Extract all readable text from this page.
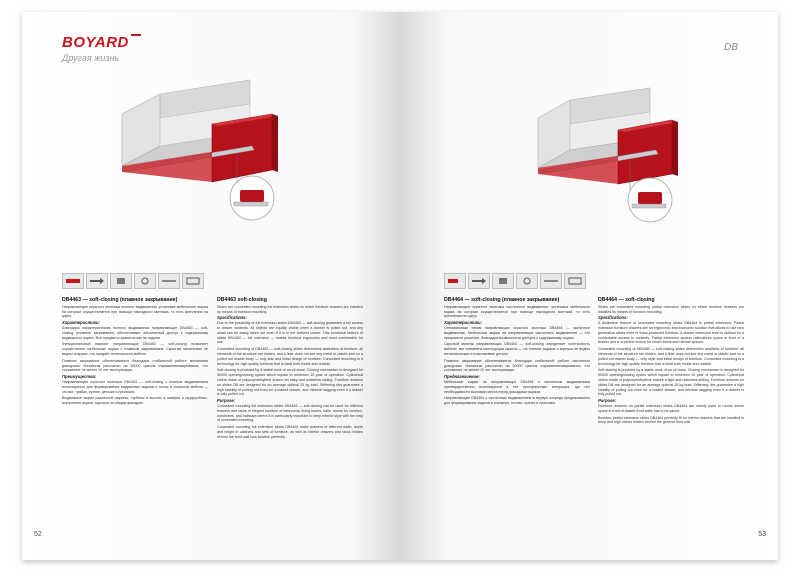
BOYARD
Другая жизнь
DB4463 — soft-closing (плавное закрывание)

Направляющие скрытого монтажа полного выдвижения, установка мебельного ящика на которые осуществляется при помощи накладного монтажа, то есть крепления на царгу.

Характеристики:

Благодаря характеристикам полного выдвижения направляющие DB4463 — soft-closing (плавное закрывание) обеспечивают абсолютный доступ к содержимому выдвижного ящика. Все предметы хранятся как на ладони.

Функциональный вариант направляющих DB4463 — soft-closing позволяет осуществлять мебельные ящики с плавным закрыванием. Скрытые механизмы не видны снаружи, что придаёт эстетичность мебели.

Плавное закрывание обеспечивается благодаря стабильной работе механизма доводчика. Механизм рассчитан на 50000 циклов открывания/закрывания, что составляет не менее 10 лет эксплуатации.

Преимущества:

Направляющие скрытого монтажа DB4463 — soft-closing с полным выдвижением используются для формирования выдвижных ящиков и полок в спальной мебели — столах, тумбах, кухнях, детских и прихожих.

Выдвижные ящики различной ширины, глубины и высоты в шкафах и гардеробных, внутренние ящики, скрытые за общим фасадом.

DB4463 soft-closing

Slides are concealed mounting full extension slides on which furniture drawers are installed by means of trunnion mounting.

Specifications:

Due to the possibility of full extension slides DB4463 — soft-closing guarantee a full access to drawer contents. All objects are equally visible when a drawer is pulled out, and any detail can be easily taken out even if it is in the farthest corner. This functional feature of slides DB4463 — full extension — makes furniture ergonomic and most comfortable for use.

Concealed mounting of DB4463 — soft-closing slides determines aesthetics of furniture: all elements of the structure are hidden, and a liner does not see any metal or plastic part on a pulled out drawer body — only side and initial design of furniture. Concealed mounting is a technology for high quality furniture that is ideal both inside and outside.

Soft-closing is provided by a stable work of an oil close. Closing mechanism is designed for 50000 opening/closing cycles which equals to minimum 10 year of operation. Cylindrical rollers made of polyoxymethylene ensure an easy and noiseless sliding. Furniture drawers on slides DB are designed for an average optimal 25 kg load. Stiffening ribs guarantee a high stability of pulling out even for a loaded drawer, and minimal sagging even if a drawer is fully pulled out.

Purpose:

Concealed mounting full extension slides DB4463 — soft-closing can be used for different drawers and racks in elegant furniture of bedrooms, living rooms, halls, rooms for children, wardrobes, and hallways where it is particularly important to keep interior style with the help of concealed mounting.

Concealed mounting full extension slides DB4463 make drawers of different width, depth and height in cabinets and sets of furniture, as well as interior drawers and racks hidden behind the front wall look function perfectly.

52
DB
DB4464 — soft-closing (плавное закрывание)

Направляющие скрытого монтажа частичного выдвижения, установка мебельного ящика на которые осуществляется при помощи накладного монтажа, то есть крепления на царгу.

Характеристики:

Оптимальным типом направляющих скрытого монтажа DB4464 — частичное выдвижение. Мебельные ящики на направляющих частичного выдвижения — это прекрасное решение, благодаря возможности доступа к содержимому ящика.

Скрытый монтаж направляющих DB4464 — soft-closing определяет эстетичность мебели: все элементы конструкции скрыты — на стенках ящиков и корпуса не видны металлические и пластиковые детали.

Плавное закрывание обеспечивается благодаря стабильной работе масляного доводчика. Механизм рассчитан на 50000 циклов открывания/закрывания, что составляет не менее 10 лет эксплуатации.

Предназначение:

Мебельные ящики на направляющих DB4464 с частичным выдвижением преимущественно используются в тех пространствах интерьера, где нет необходимости экономии места перед фасадами ящиков.

Направляющие DB4464 с частичным выдвижением в первую очередь предназначены для формирования ящиков в спальнях, столах, кухнях и прихожих.

DB4464 — soft-closing

Slides are concealed mounting partial extension slides on which furniture drawers are installed by means of trunnion mounting.

Specifications:

A distinctive feature of concealed mounting slides DB4464 is partial extension. Partial extension furniture drawers are an ergonomic and economic solution that allows to use new generation slides even in mass-produced furniture. A drawer extension level is optimal for a comfortable access to contents. Partial extension system rationalizes space in front of a drawer and is a perfect choice for small rooms and narrow spaces.

Concealed mounting of DB4464 — soft-closing slides determines aesthetic of furniture: all elements of the structure are hidden, and a liner does not see any metal or plastic part on a pulled out drawer body — only style and initial design of furniture. Concealed mounting is a technology for high quality furniture that is ideal both inside and outside.

Soft-closing is provided by a stable work of an oil close. Closing mechanism is designed for 50000 opening/closing cycles which equals to minimum 10 year of operation. Cylindrical rollers made of polyoxymethylene ensure a light and noiseless sliding. Furniture drawers on slides DB are designed for an average optimal 25 kg load. Stiffening ribs guarantee a high stability of pulling out even for a loaded drawer, and minimal sagging even if a drawer is fully pulled out.

Purpose:

Furniture drawers on partial extension slides DB4464 are mainly used in rooms where space in front of drawer front walls has to be saved.

Besides, partial extension slides DB4464 perfectly fit for interior drawers that are installed in deep and high niches hidden behind the general front wall.

53
